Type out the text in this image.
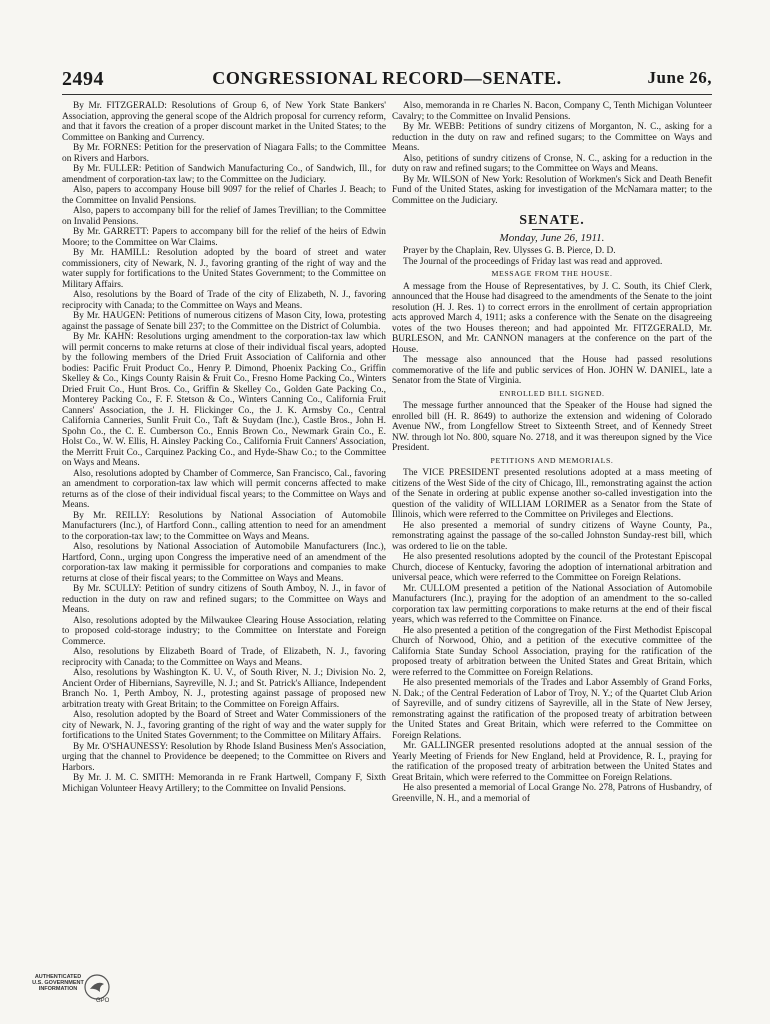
2494	CONGRESSIONAL RECORD—SENATE.	June 26,

By Mr. FITZGERALD: Resolutions of Group 6, of New York State Bankers' Association, approving the general scope of the Aldrich proposal for currency reform, and that it favors the creation of a proper discount market in the United States; to the Committee on Banking and Currency.

By Mr. FORNES: Petition for the preservation of Niagara Falls; to the Committee on Rivers and Harbors.

By Mr. FULLER: Petition of Sandwich Manufacturing Co., of Sandwich, Ill., for amendment of corporation-tax law; to the Committee on the Judiciary.

Also, papers to accompany House bill 9097 for the relief of Charles J. Beach; to the Committee on Invalid Pensions.

Also, papers to accompany bill for the relief of James Trevillian; to the Committee on Invalid Pensions.

By Mr. GARRETT: Papers to accompany bill for the relief of the heirs of Edwin Moore; to the Committee on War Claims.

By Mr. HAMILL: Resolution adopted by the board of street and water commissioners, city of Newark, N. J., favoring granting of the right of way and the water supply for fortifications to the United States Government; to the Committee on Military Affairs.

Also, resolutions by the Board of Trade of the city of Elizabeth, N. J., favoring reciprocity with Canada; to the Committee on Ways and Means.

By Mr. HAUGEN: Petitions of numerous citizens of Mason City, Iowa, protesting against the passage of Senate bill 237; to the Committee on the District of Columbia.

By Mr. KAHN: Resolutions urging amendment to the corporation-tax law which will permit concerns to make returns at close of their individual fiscal years, adopted by the following members of the Dried Fruit Association of California and other bodies: Pacific Fruit Product Co., Henry P. Dimond, Phoenix Packing Co., Griffin Skelley & Co., Kings County Raisin & Fruit Co., Fresno Home Packing Co., Winters Dried Fruit Co., Hunt Bros. Co., Griffin & Skelley Co., Golden Gate Packing Co., Monterey Packing Co., F. F. Stetson & Co., Winters Canning Co., California Fruit Canners' Association, the J. H. Flickinger Co., the J. K. Armsby Co., Central California Canneries, Sunlit Fruit Co., Taft & Suydam (Inc.), Castle Bros., John H. Spohn Co., the C. E. Cumberson Co., Ennis Brown Co., Newmark Grain Co., E. Holst Co., W. W. Ellis, H. Ainsley Packing Co., California Fruit Canners' Association, the Merritt Fruit Co., Carquinez Packing Co., and Hyde-Shaw Co.; to the Committee on Ways and Means.

Also, resolutions adopted by Chamber of Commerce, San Francisco, Cal., favoring an amendment to corporation-tax law which will permit concerns affected to make returns as of the close of their individual fiscal years; to the Committee on Ways and Means.

By Mr. REILLY: Resolutions by National Association of Automobile Manufacturers (Inc.), of Hartford Conn., calling attention to need for an amendment to the corporation-tax law; to the Committee on Ways and Means.

Also, resolutions by National Association of Automobile Manufacturers (Inc.), Hartford, Conn., urging upon Congress the imperative need of an amendment of the corporation-tax law making it permissible for corporations and companies to make returns at close of their fiscal years; to the Committee on Ways and Means.

By Mr. SCULLY: Petition of sundry citizens of South Amboy, N. J., in favor of reduction in the duty on raw and refined sugars; to the Committee on Ways and Means.

Also, resolutions adopted by the Milwaukee Clearing House Association, relating to proposed cold-storage industry; to the Committee on Interstate and Foreign Commerce.

Also, resolutions by Elizabeth Board of Trade, of Elizabeth, N. J., favoring reciprocity with Canada; to the Committee on Ways and Means.

Also, resolutions by Washington K. U. V., of South River, N. J.; Division No. 2, Ancient Order of Hibernians, Sayreville, N. J.; and St. Patrick's Alliance, Independent Branch No. 1, Perth Amboy, N. J., protesting against passage of proposed new arbitration treaty with Great Britain; to the Committee on Foreign Affairs.

Also, resolution adopted by the Board of Street and Water Commissioners of the city of Newark, N. J., favoring granting of the right of way and the water supply for fortifications to the United States Government; to the Committee on Military Affairs.

By Mr. O'SHAUNESSY: Resolution by Rhode Island Business Men's Association, urging that the channel to Providence be deepened; to the Committee on Rivers and Harbors.

By Mr. J. M. C. SMITH: Memoranda in re Frank Hartwell, Company F, Sixth Michigan Volunteer Heavy Artillery; to the Committee on Invalid Pensions.

Also, memoranda in re Charles N. Bacon, Company C, Tenth Michigan Volunteer Cavalry; to the Committee on Invalid Pensions.

By Mr. WEBB: Petitions of sundry citizens of Morganton, N. C., asking for a reduction in the duty on raw and refined sugars; to the Committee on Ways and Means.

Also, petitions of sundry citizens of Cronse, N. C., asking for a reduction in the duty on raw and refined sugars; to the Committee on Ways and Means.

By Mr. WILSON of New York: Resolution of Workmen's Sick and Death Benefit Fund of the United States, asking for investigation of the McNamara matter; to the Committee on the Judiciary.

SENATE.
Monday, June 26, 1911.

Prayer by the Chaplain, Rev. Ulysses G. B. Pierce, D. D.

The Journal of the proceedings of Friday last was read and approved.

MESSAGE FROM THE HOUSE.

A message from the House of Representatives, by J. C. South, its Chief Clerk, announced that the House had disagreed to the amendments of the Senate to the joint resolution (H. J. Res. 1) to correct errors in the enrollment of certain appropriation acts approved March 4, 1911; asks a conference with the Senate on the disagreeing votes of the two Houses thereon; and had appointed Mr. FITZGERALD, Mr. BURLESON, and Mr. CANNON managers at the conference on the part of the House.

The message also announced that the House had passed resolutions commemorative of the life and public services of Hon. JOHN W. DANIEL, late a Senator from the State of Virginia.

ENROLLED BILL SIGNED.

The message further announced that the Speaker of the House had signed the enrolled bill (H. R. 8649) to authorize the extension and widening of Colorado Avenue NW., from Longfellow Street to Sixteenth Street, and of Kennedy Street NW. through lot No. 800, square No. 2718, and it was thereupon signed by the Vice President.

PETITIONS AND MEMORIALS.

The VICE PRESIDENT presented resolutions adopted at a mass meeting of citizens of the West Side of the city of Chicago, Ill., remonstrating against the action of the Senate in ordering at public expense another so-called investigation into the question of the validity of WILLIAM LORIMER as a Senator from the State of Illinois, which were referred to the Committee on Privileges and Elections.

He also presented a memorial of sundry citizens of Wayne County, Pa., remonstrating against the passage of the so-called Johnston Sunday-rest bill, which was ordered to lie on the table.

He also presented resolutions adopted by the council of the Protestant Episcopal Church, diocese of Kentucky, favoring the adoption of international arbitration and universal peace, which were referred to the Committee on Foreign Relations.

Mr. CULLOM presented a petition of the National Association of Automobile Manufacturers (Inc.), praying for the adoption of an amendment to the so-called corporation tax law permitting corporations to make returns at the end of their fiscal years, which was referred to the Committee on Finance.

He also presented a petition of the congregation of the First Methodist Episcopal Church of Norwood, Ohio, and a petition of the executive committee of the California State Sunday School Association, praying for the ratification of the proposed treaty of arbitration between the United States and Great Britain, which were referred to the Committee on Foreign Relations.

He also presented memorials of the Trades and Labor Assembly of Grand Forks, N. Dak.; of the Central Federation of Labor of Troy, N. Y.; of the Quartet Club Arion of Sayreville, and of sundry citizens of Sayreville, all in the State of New Jersey, remonstrating against the ratification of the proposed treaty of arbitration between the United States and Great Britain, which were referred to the Committee on Foreign Relations.

Mr. GALLINGER presented resolutions adopted at the annual session of the Yearly Meeting of Friends for New England, held at Providence, R. I., praying for the ratification of the proposed treaty of arbitration between the United States and Great Britain, which were referred to the Committee on Foreign Relations.

He also presented a memorial of Local Grange No. 278, Patrons of Husbandry, of Greenville, N. H., and a memorial of

AUTHENTICATED U.S. GOVERNMENT INFORMATION
GPO
